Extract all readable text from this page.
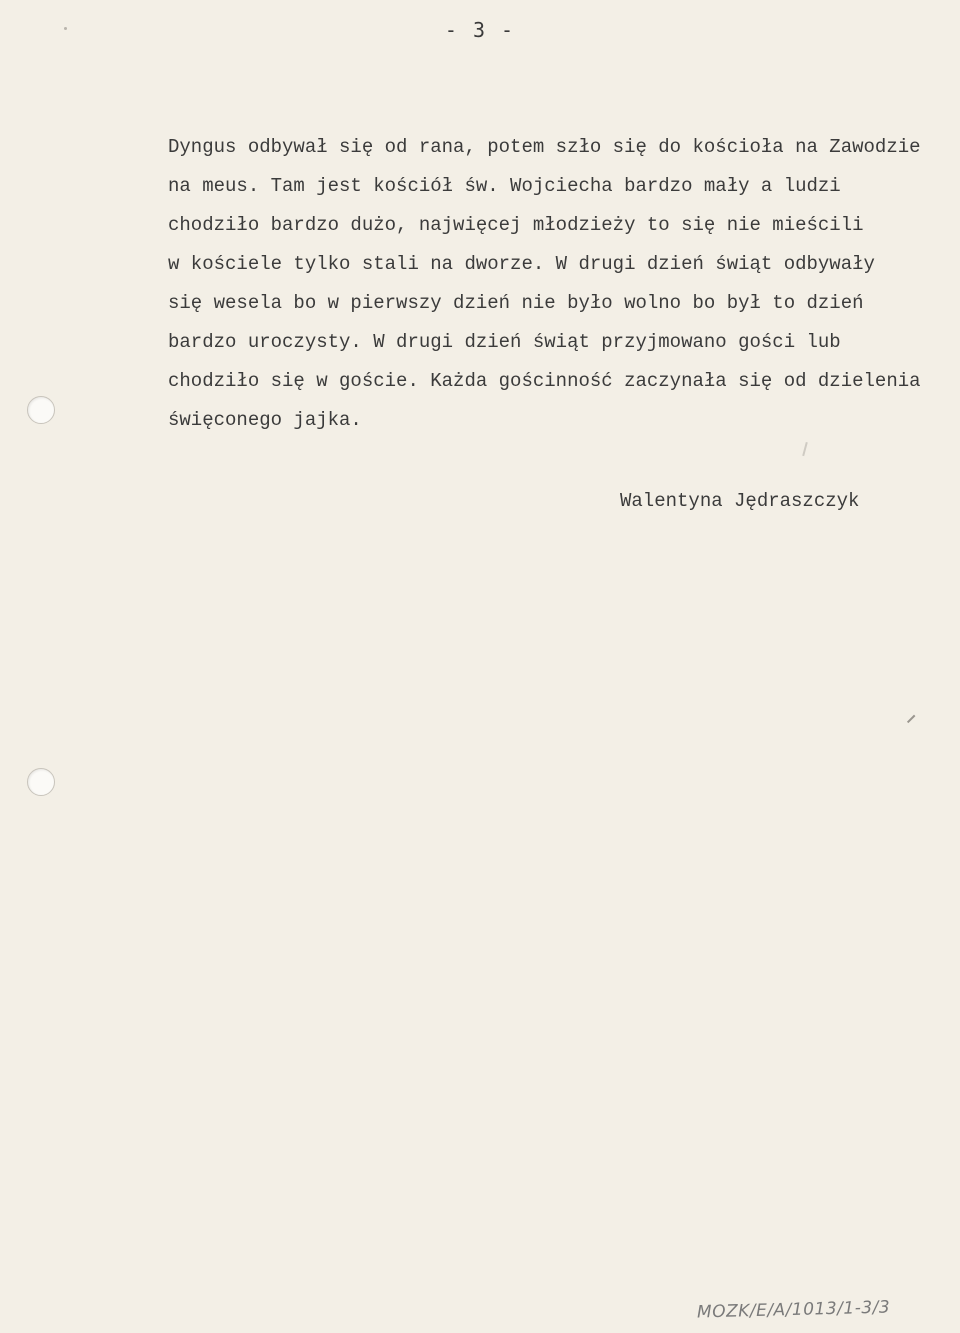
- 3 -
Dyngus odbywał się od rana, potem szło się do kościoła na Zawodzie
na meus. Tam jest kościół św. Wojciecha bardzo mały a ludzi
chodziło bardzo dużo, najwięcej młodzieży to się nie mieścili
w kościele tylko stali na dworze. W drugi dzień świąt odbywały
się wesela bo w pierwszy dzień nie było wolno bo był to dzień
bardzo uroczysty. W drugi dzień świąt przyjmowano gości lub
chodziło się w goście. Każda gościnność zaczynała się od dzielenia
święconego jajka.
Walentyna Jędraszczyk
MOZK/E/A/1013/1-3/3
